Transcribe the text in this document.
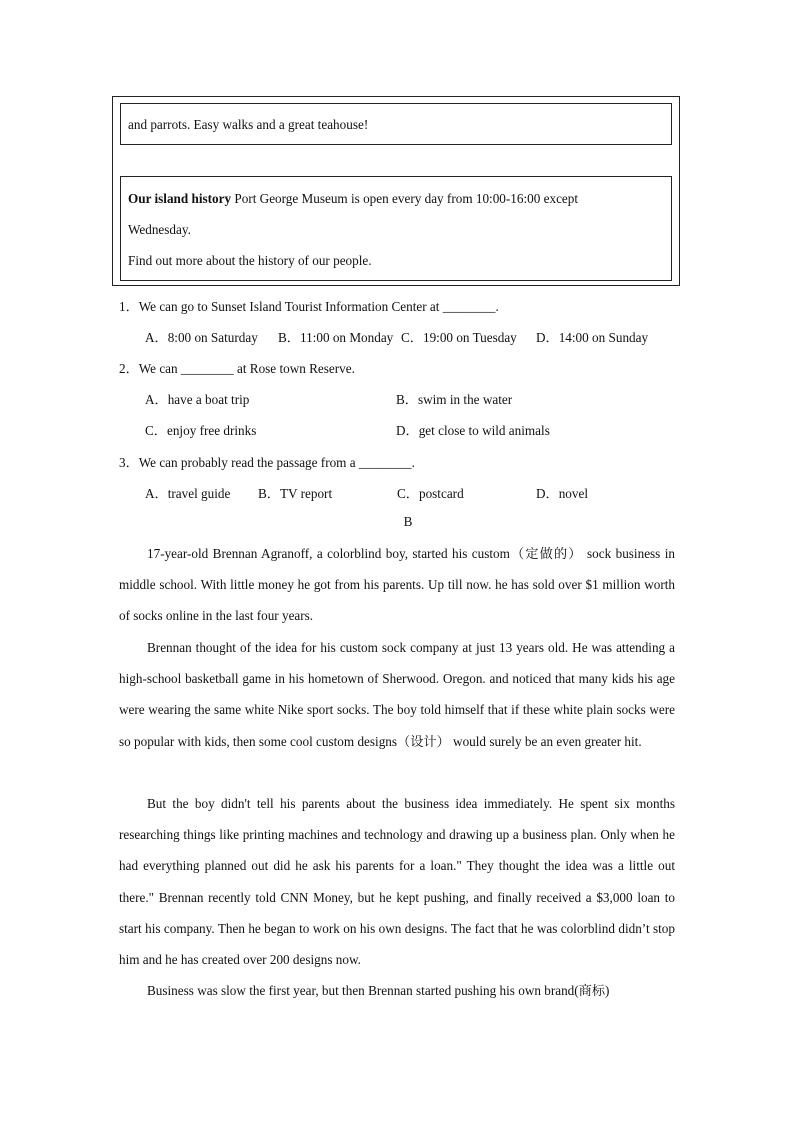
and parrots. Easy walks and a great teahouse!

Our island history Port George Museum is open every day from 10:00-16:00 except

Wednesday.

Find out more about the history of our people.

1．We can go to Sunset Island Tourist Information Center at ________.
A．8:00 on Saturday B．11:00 on Monday C．19:00 on Tuesday D．14:00 on Sunday
2．We can ________ at Rose town Reserve.
A．have a boat trip	B．swim in the water
C．enjoy free drinks	D．get close to wild animals
3．We can probably read the passage from a ________.
A．travel guide B．TV report	C．postcard	D．novel
B

17-year-old Brennan Agranoff, a colorblind boy, started his custom（定做的） sock business in middle school. With little money he got from his parents. Up till now. he has sold over $1 million worth of socks online in the last four years.

Brennan thought of the idea for his custom sock company at just 13 years old. He was attending a high-school basketball game in his hometown of Sherwood. Oregon. and noticed that many kids his age were wearing the same white Nike sport socks. The boy told himself that if these white plain socks were so popular with kids, then some cool custom designs（设计） would surely be an even greater hit.

But the boy didn't tell his parents about the business idea immediately. He spent six months researching things like printing machines and technology and drawing up a business plan. Only when he had everything planned out did he ask his parents for a loan." They thought the idea was a little out there." Brennan recently told CNN Money, but he kept pushing, and finally received a $3,000 loan to start his company. Then he began to work on his own designs. The fact that he was colorblind didn’t stop him and he has created over 200 designs now.

Business was slow the first year, but then Brennan started pushing his own brand(商标)
